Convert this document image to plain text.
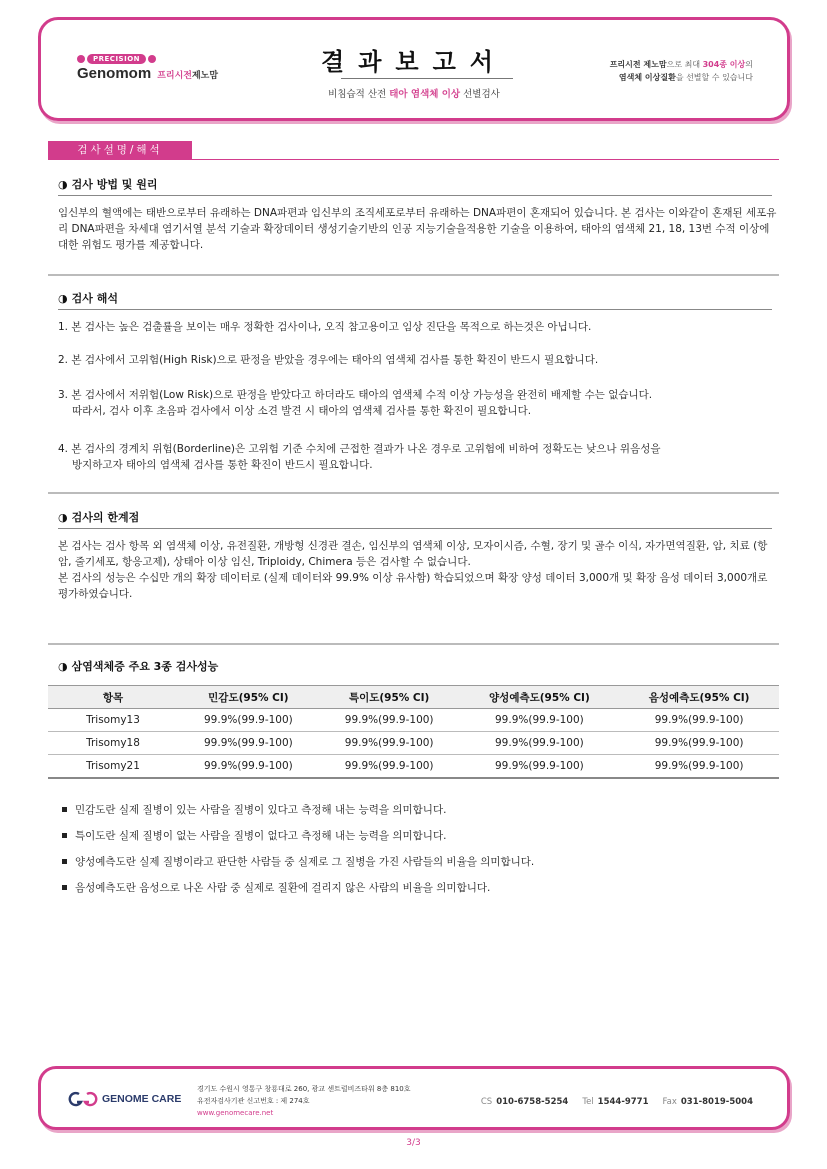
PRECISION
Genomom 프리시전제노맘	결과보고서
비침습적 산전 태아 염색체 이상 선별검사
프리시전 제노맘으로 최대 304종 이상의
염색체 이상질환을 선별할 수 있습니다
검사설명/해석
◑ 검사 방법 및 원리
임신부의 혈액에는 태반으로부터 유래하는 DNA파편과 임신부의 조직세포로부터 유래하는 DNA파편이 혼재되어 있습니다. 본 검사는 이와같이 혼재된 세포유리 DNA파편을 차세대 염기서열 분석 기술과 확장데이터 생성기술기반의 인공 지능기술을적용한 기술을 이용하여, 태아의 염색체 21, 18, 13번 수적 이상에 대한 위험도 평가를 제공합니다.
◑ 검사 해석
1. 본 검사는 높은 검출률을 보이는 매우 정확한 검사이나, 오직 참고용이고 임상 진단을 목적으로 하는것은 아닙니다.
2. 본 검사에서 고위험(High Risk)으로 판정을 받았을 경우에는 태아의 염색체 검사를 통한 확진이 반드시 필요합니다.
3. 본 검사에서 저위험(Low Risk)으로 판정을 받았다고 하더라도 태아의 염색체 수적 이상 가능성을 완전히 배제할 수는 없습니다.
따라서, 검사 이후 초음파 검사에서 이상 소견 발견 시 태아의 염색체 검사를 통한 확진이 필요합니다.
4. 본 검사의 경계치 위험(Borderline)은 고위험 기준 수치에 근접한 결과가 나온 경우로 고위험에 비하여 정확도는 낮으나 위음성을
방지하고자 태아의 염색체 검사를 통한 확진이 반드시 필요합니다.
◑ 검사의 한계점
본 검사는 검사 항목 외 염색체 이상, 유전질환, 개방형 신경관 결손, 임신부의 염색체 이상, 모자이시즘, 수혈, 장기 및 골수 이식, 자가면역질환, 암, 치료 (항암, 줄기세포, 항응고제), 상태아 이상 임신, Triploidy, Chimera 등은 검사할 수 없습니다.
본 검사의 성능은 수십만 개의 확장 데이터로 (실제 데이터와 99.9% 이상 유사함) 학습되었으며 확장 양성 데이터 3,000개 및 확장 음성 데이터 3,000개로 평가하였습니다.
◑ 삼염색체증 주요 3종 검사성능
항목	민감도(95% CI)	특이도(95% CI)	양성예측도(95% CI)	음성예측도(95% CI)
Trisomy13	99.9%(99.9-100)	99.9%(99.9-100)	99.9%(99.9-100)	99.9%(99.9-100)
Trisomy18	99.9%(99.9-100)	99.9%(99.9-100)	99.9%(99.9-100)	99.9%(99.9-100)
Trisomy21	99.9%(99.9-100)	99.9%(99.9-100)	99.9%(99.9-100)	99.9%(99.9-100)
민감도란 실제 질병이 있는 사람을 질병이 있다고 측정해 내는 능력을 의미합니다.
특이도란 실제 질병이 없는 사람을 질병이 없다고 측정해 내는 능력을 의미합니다.
양성예측도란 실제 질병이라고 판단한 사람들 중 실제로 그 질병을 가진 사람들의 비율을 의미합니다.
음성예측도란 음성으로 나온 사람 중 실제로 질환에 걸리지 않은 사람의 비율을 의미합니다.
GENOME CARE
경기도 수원시 영통구 창룡대로 260, 광교 센트럴비즈타워 8층 810호
유전자검사기관 신고번호 : 제 274호
www.genomecare.net
CS 010-6758-5254 Tel 1544-9771 Fax 031-8019-5004
3/3
